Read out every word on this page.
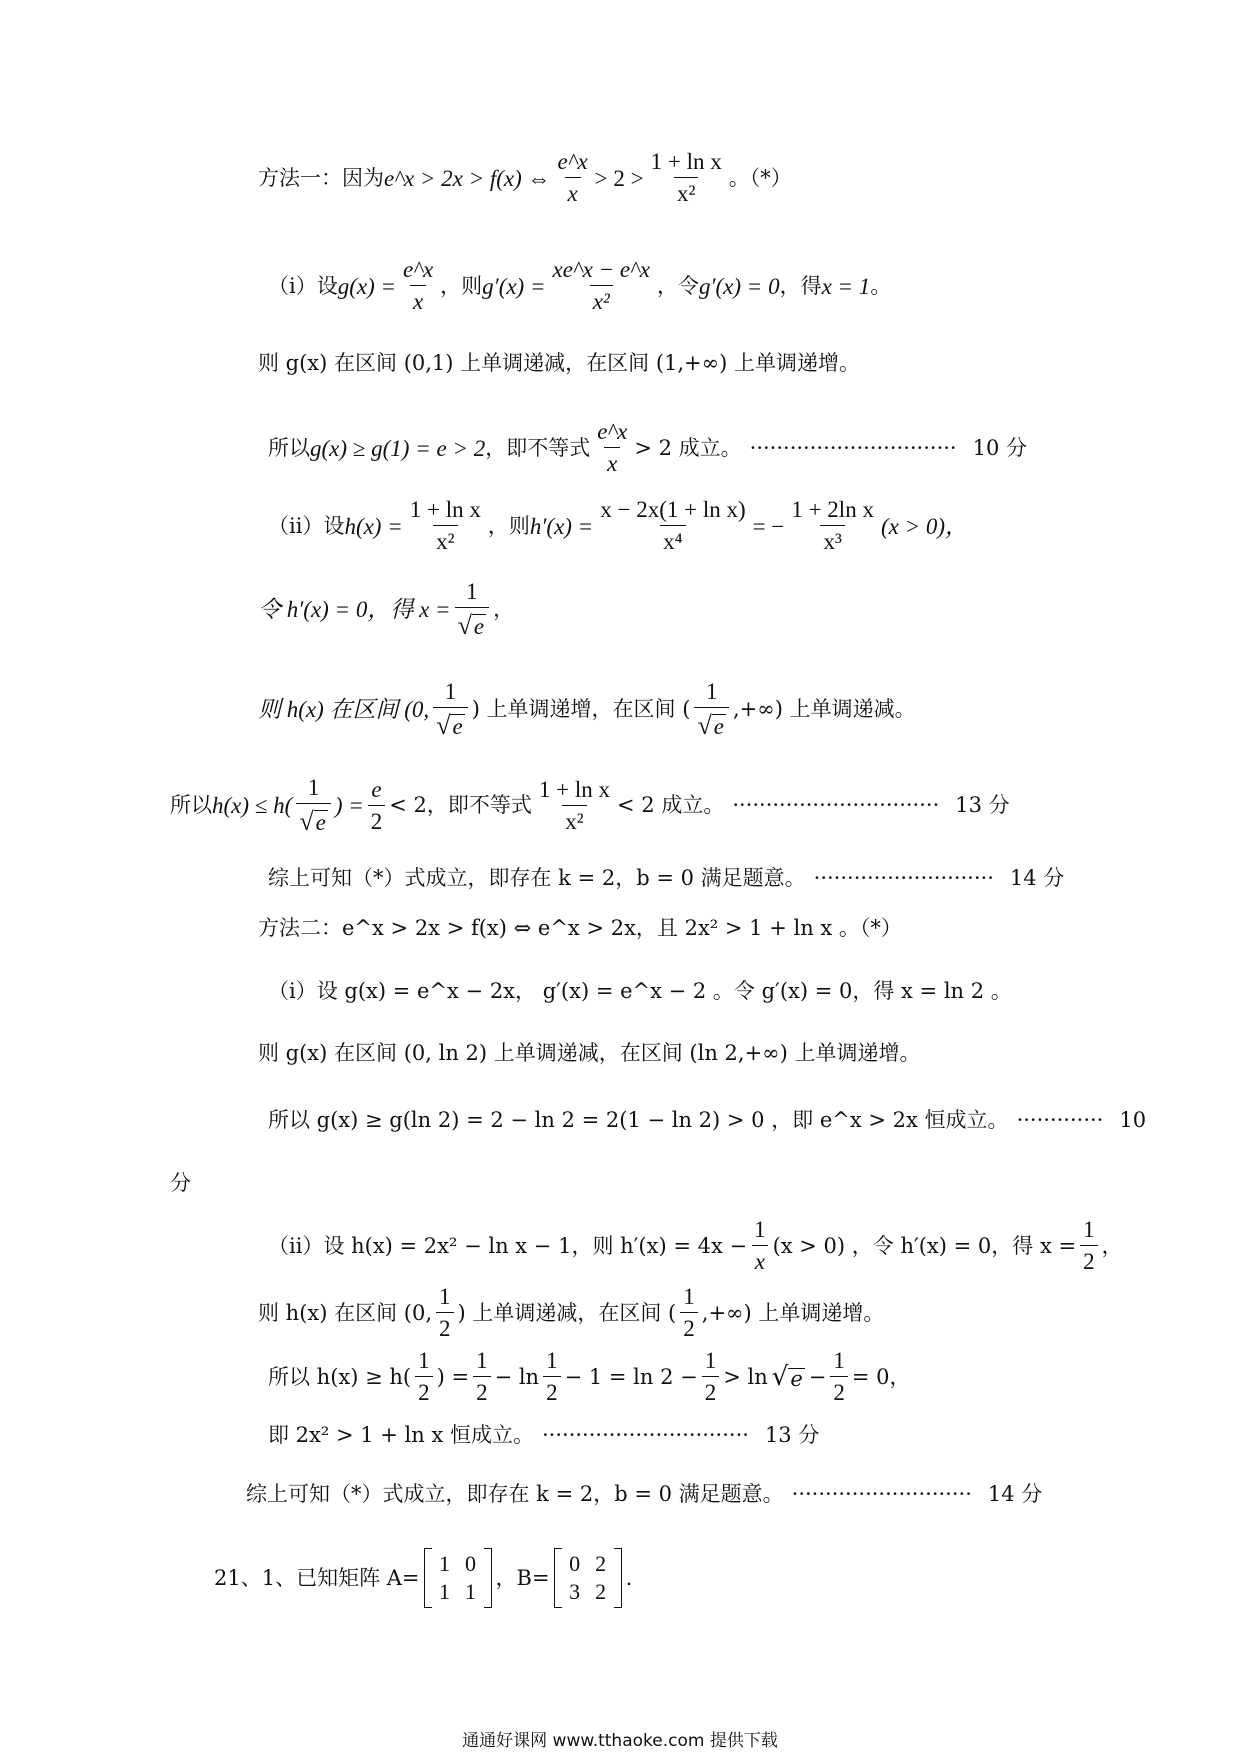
方法一：因为 e^x > 2x > f(x) ⇔ $\frac{e\^{}x}{x} > 2 > \frac{\text{1 + ln x}}{\text{x²}}$ 。（*）
（i）设 $g(x) = \frac{e\^{}x}{x}$ ，则 $g'(x) = \frac{xe\^{}x - e\^{}x}{\text{x²}}$ ，令 g′(x) = 0 ，得 x = 1 。
则 g(x) 在区间 (0,1) 上单调递减，在区间 (1,+∞) 上单调递增。
所以 g(x) ≥ g(1) = e > 2 ，即不等式 $\frac{e\^{}x}{x} > 2$ 成立。 ······························· 10 分
（ii）设 $h(x) = \frac{\text{1 + ln x}}{\text{x²}}$ ，则 $h'(x) = \frac{\text{x − 2x(1 + ln x)}}{\text{x⁴}}$ = − $\frac{\text{1 + 2ln x}}{\text{x³}} (x > 0)$，
令 h′(x) = 0，得 $x = \frac{1}{√ e}$ ，
则 h(x) 在区间 (0, $\frac{1}{√ e}$ ) 上单调递增，在区间 ( $\frac{1}{√ e}$ ,+∞) 上单调递减。
所以 $h(x) \le h( \frac{1}{√ e}$ ) = $\frac{e}{2} < 2$，即不等式 $\frac{\text{1 + ln x}}{\text{x²}} < 2$ 成立。 ······························· 13 分
综上可知（*）式成立，即存在 k = 2，b = 0 满足题意。 ··························· 14 分
方法二：e^x > 2x > f(x) ⇔ e^x > 2x，且 2x² > 1 + ln x 。（*）
（i）设 g(x) = e^x − 2x， g′(x) = e^x − 2 。令 g′(x) = 0，得 x = ln 2 。
则 g(x) 在区间 (0, ln 2) 上单调递减，在区间 (ln 2,+∞) 上单调递增。
所以 g(x) ≥ g(ln 2) = 2 − ln 2 = 2(1 − ln 2) > 0 ，即 e^x > 2x 恒成立。 ············· 10
分
（ii）设 h(x) = 2x² − ln x − 1，则 $h'(x) = 4x - \frac{1}{x} (x > 0)$ ，令 h′(x) = 0，得 $x = \frac{1}{2}$ ，
则 h(x) 在区间 (0, $\frac{1}{2}$ ) 上单调递减，在区间 ( $\frac{1}{2}$ ,+∞) 上单调递增。
所以 $h(x) \ge h( \frac{1}{2}$ ) = $\frac{1}{2} - \ln \frac{1}{2} - 1 = \ln 2 - \frac{1}{2} > \ln$ √ $e - \frac{1}{2} = 0$，
即 2x² > 1 + ln x 恒成立。 ······························· 13 分
综上可知（*）式成立，即存在 k = 2，b = 0 满足题意。 ··························· 14 分
21、1、已知矩阵 A=
1 0
1 1
，B=
0 2
3 2
.
通通好课网 www.tthaoke.com 提供下载
